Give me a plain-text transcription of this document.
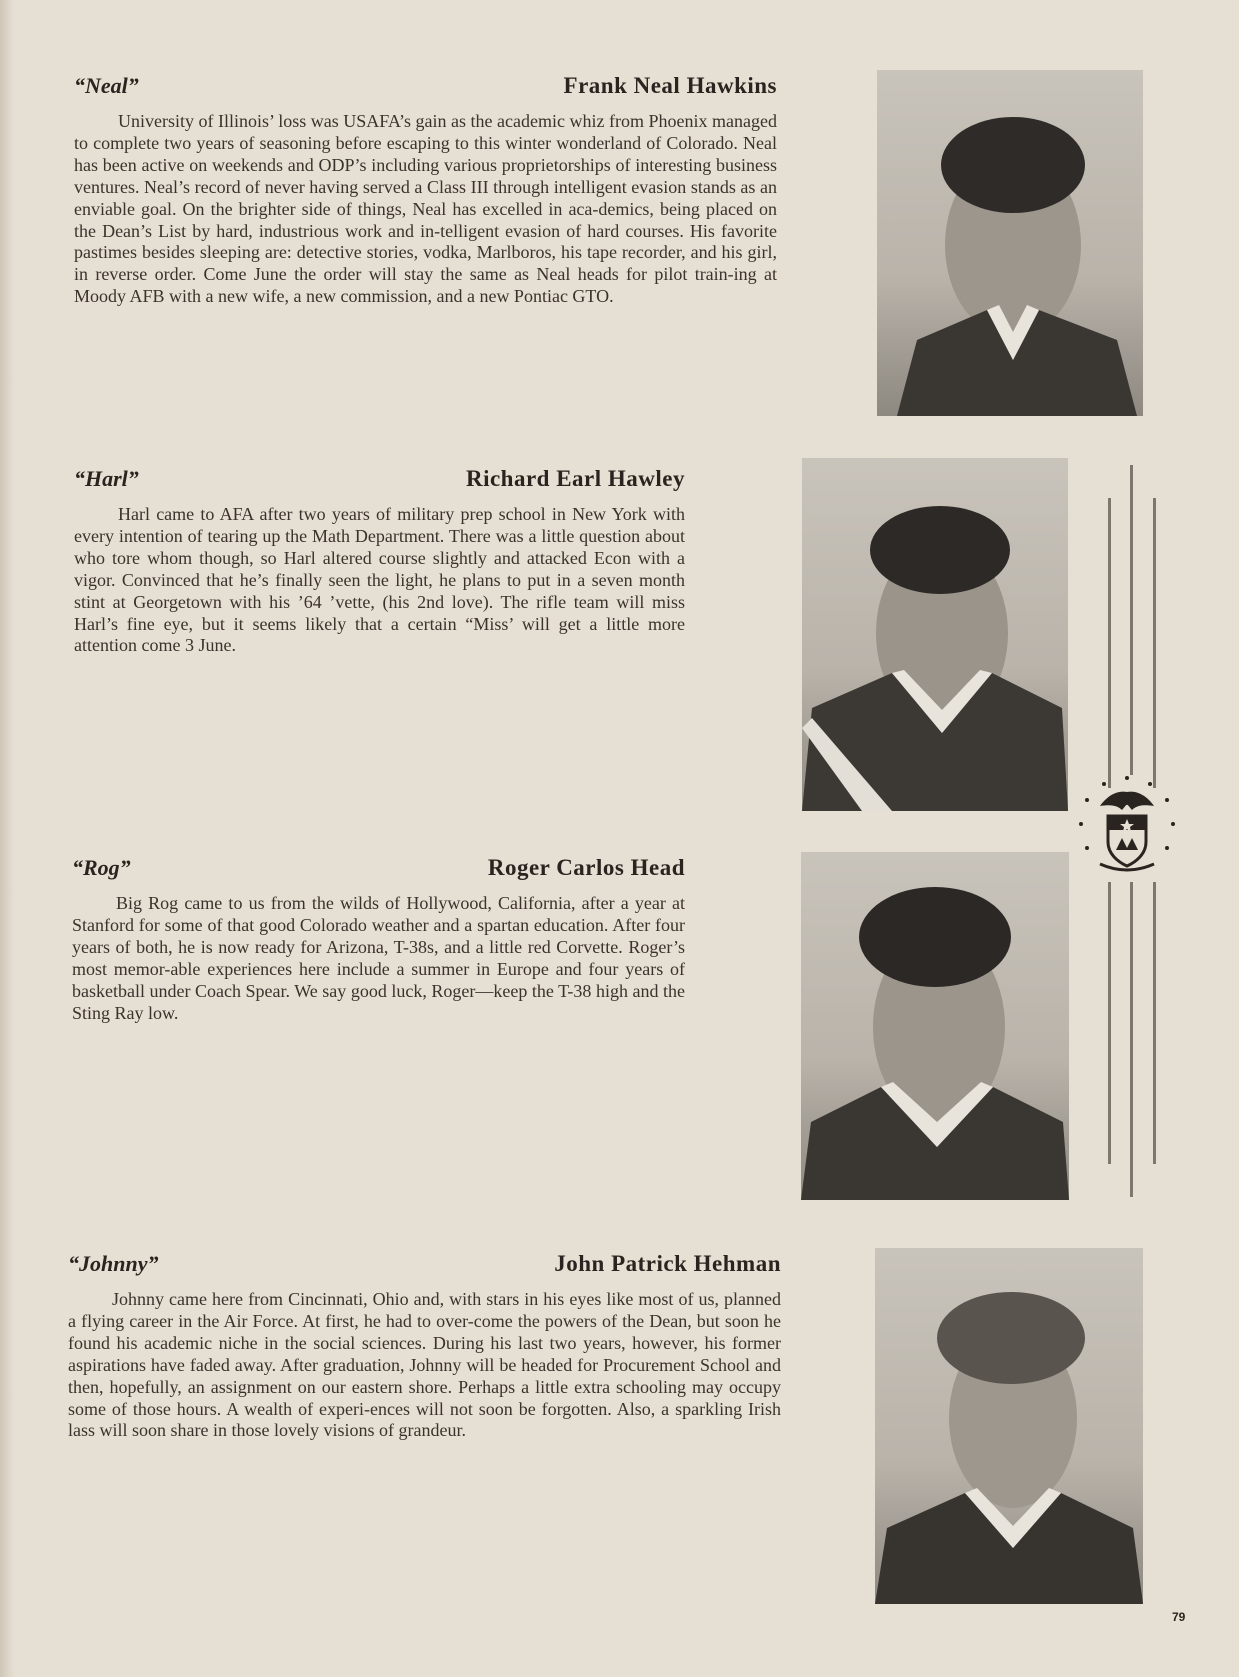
“Neal”	Frank Neal Hawkins

University of Illinois’ loss was USAFA’s gain as the academic whiz from Phoenix managed to complete two years of seasoning before escaping to this winter wonderland of Colorado. Neal has been active on weekends and ODP’s including various proprietorships of interesting business ventures. Neal’s record of never having served a Class III through intelligent evasion stands as an enviable goal. On the brighter side of things, Neal has excelled in aca-demics, being placed on the Dean’s List by hard, industrious work and in-telligent evasion of hard courses. His favorite pastimes besides sleeping are: detective stories, vodka, Marlboros, his tape recorder, and his girl, in reverse order. Come June the order will stay the same as Neal heads for pilot train-ing at Moody AFB with a new wife, a new commission, and a new Pontiac GTO.

“Harl”	Richard Earl Hawley

Harl came to AFA after two years of military prep school in New York with every intention of tearing up the Math Department. There was a little question about who tore whom though, so Harl altered course slightly and attacked Econ with a vigor. Convinced that he’s finally seen the light, he plans to put in a seven month stint at Georgetown with his ’64 ’vette, (his 2nd love). The rifle team will miss Harl’s fine eye, but it seems likely that a certain “Miss’ will get a little more attention come 3 June.

“Rog”	Roger Carlos Head

Big Rog came to us from the wilds of Hollywood, California, after a year at Stanford for some of that good Colorado weather and a spartan education. After four years of both, he is now ready for Arizona, T-38s, and a little red Corvette. Roger’s most memor-able experiences here include a summer in Europe and four years of basketball under Coach Spear. We say good luck, Roger—keep the T-38 high and the Sting Ray low.

“Johnny”	John Patrick Hehman

Johnny came here from Cincinnati, Ohio and, with stars in his eyes like most of us, planned a flying career in the Air Force. At first, he had to over-come the powers of the Dean, but soon he found his academic niche in the social sciences. During his last two years, however, his former aspirations have faded away. After graduation, Johnny will be headed for Procurement School and then, hopefully, an assignment on our eastern shore. Perhaps a little extra schooling may occupy some of those hours. A wealth of experi-ences will not soon be forgotten. Also, a sparkling Irish lass will soon share in those lovely visions of grandeur.

79
